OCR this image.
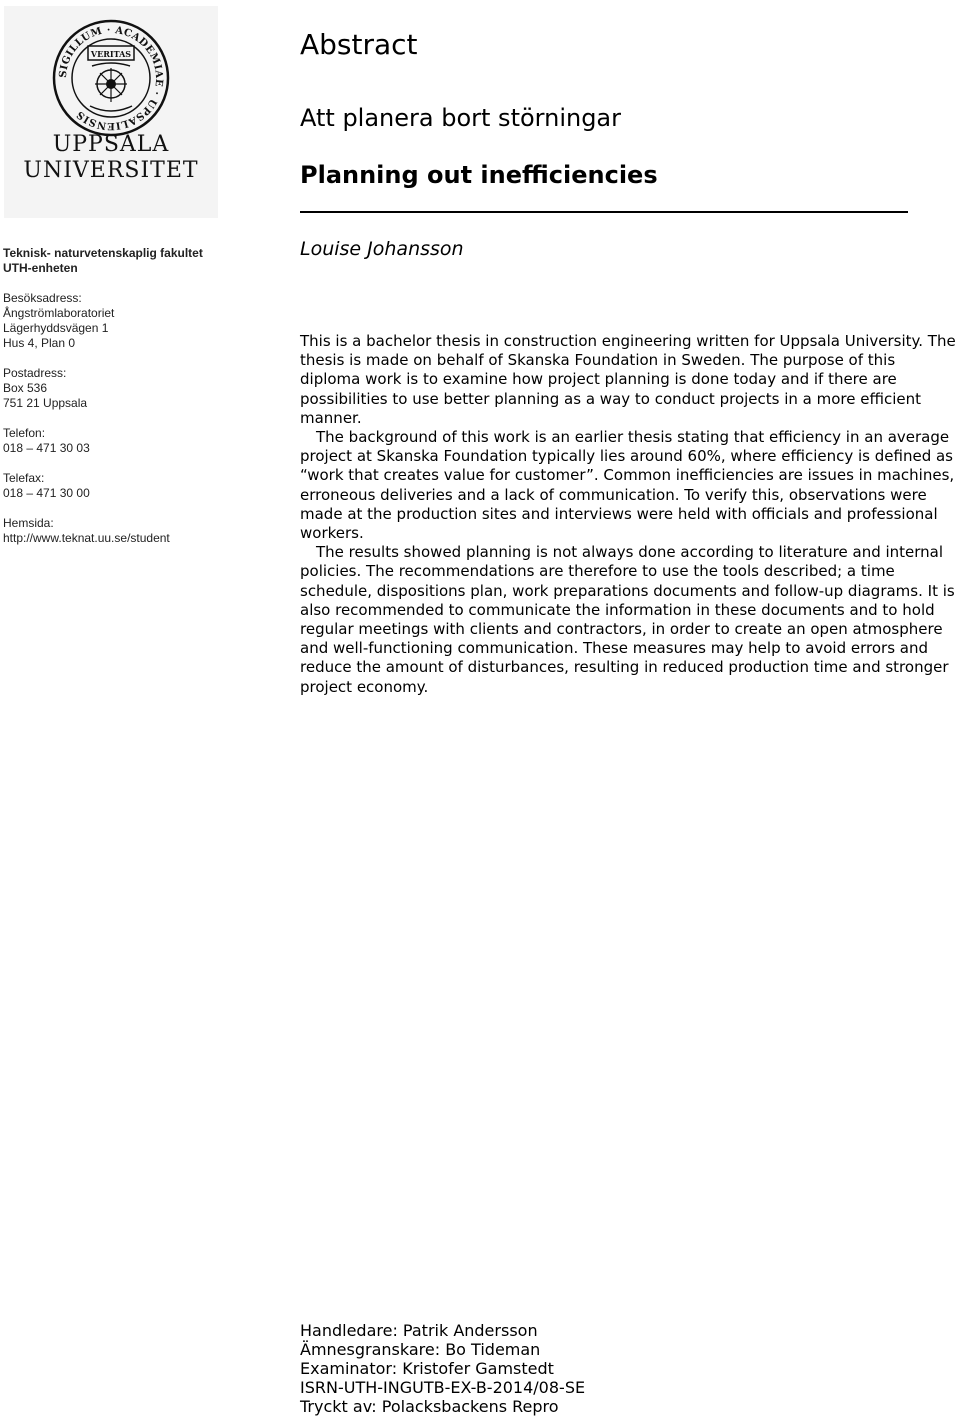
SIGILLUM · ACADEMIAE · UPSALIENSIS
VERITAS
UPPSALA
UNIVERSITET
Teknisk- naturvetenskaplig fakultet
UTH-enheten
Besöksadress:
Ångströmlaboratoriet
Lägerhyddsvägen 1
Hus 4, Plan 0
Postadress:
Box 536
751 21 Uppsala
Telefon:
018 – 471 30 03
Telefax:
018 – 471 30 00
Hemsida:
http://www.teknat.uu.se/student
Abstract
Att planera bort störningar
Planning out inefficiencies
Louise Johansson

This is a bachelor thesis in construction engineering written for Uppsala University. The thesis is made on behalf of Skanska Foundation in Sweden. The purpose of this diploma work is to examine how project planning is done today and if there are possibilities to use better planning as a way to conduct projects in a more efficient manner.

The background of this work is an earlier thesis stating that efficiency in an average project at Skanska Foundation typically lies around 60%, where efficiency is defined as “work that creates value for customer”. Common inefficiencies are issues in machines, erroneous deliveries and a lack of communication. To verify this, observations were made at the production sites and interviews were held with officials and professional workers.

The results showed planning is not always done according to literature and internal policies. The recommendations are therefore to use the tools described; a time schedule, dispositions plan, work preparations documents and follow-up diagrams. It is also recommended to communicate the information in these documents and to hold regular meetings with clients and contractors, in order to create an open atmosphere and well-functioning communication. These measures may help to avoid errors and reduce the amount of disturbances, resulting in reduced production time and stronger project economy.

Handledare: Patrik Andersson
Ämnesgranskare: Bo Tideman
Examinator: Kristofer Gamstedt
ISRN-UTH-INGUTB-EX-B-2014/08-SE
Tryckt av: Polacksbackens Repro
